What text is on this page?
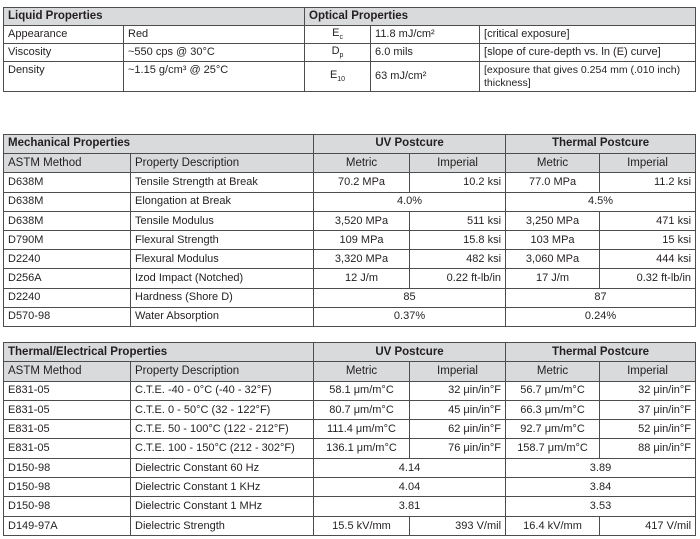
Liquid Properties		Optical Properties		
Appearance	Red	$E_c$	11.8 mJ/cm²	[critical exposure]
Viscosity	~550 cps @ 30°C	$D_p$	6.0 mils	[slope of cure-depth vs. ln (E) curve]
Density	~1.15 g/cm³ @ 25°C	$E_{10}$	63 mJ/cm²	[exposure that gives 0.254 mm (.010 inch) thickness]
Mechanical Properties		UV Postcure		Thermal Postcure	
ASTM Method	Property Description	Metric	Imperial	Metric	Imperial
D638M	Tensile Strength at Break	70.2 MPa	10.2 ksi	77.0 MPa	11.2 ksi
D638M	Elongation at Break	4.0%		4.5%	
D638M	Tensile Modulus	3,520 MPa	511 ksi	3,250 MPa	471 ksi
D790M	Flexural Strength	109 MPa	15.8 ksi	103 MPa	15 ksi
D2240	Flexural Modulus	3,320 MPa	482 ksi	3,060 MPa	444 ksi
D256A	Izod Impact (Notched)	12 J/m	0.22 ft-lb/in	17 J/m	0.32 ft-lb/in
D2240	Hardness (Shore D)	85		87	
D570-98	Water Absorption	0.37%		0.24%	
Thermal/Electrical Properties		UV Postcure		Thermal Postcure	
ASTM Method	Property Description	Metric	Imperial	Metric	Imperial
E831-05	C.T.E. -40 - 0°C (-40 - 32°F)	58.1 μm/m°C	32 μin/in°F	56.7 μm/m°C	32 μin/in°F
E831-05	C.T.E. 0 - 50°C (32 - 122°F)	80.7 μm/m°C	45 μin/in°F	66.3 μm/m°C	37 μin/in°F
E831-05	C.T.E. 50 - 100°C (122 - 212°F)	111.4 μm/m°C	62 μin/in°F	92.7 μm/m°C	52 μin/in°F
E831-05	C.T.E. 100 - 150°C (212 - 302°F)	136.1 μm/m°C	76 μin/in°F	158.7 μm/m°C	88 μin/in°F
D150-98	Dielectric Constant 60 Hz	4.14		3.89	
D150-98	Dielectric Constant 1 KHz	4.04		3.84	
D150-98	Dielectric Constant 1 MHz	3.81		3.53	
D149-97A	Dielectric Strength	15.5 kV/mm	393 V/mil	16.4 kV/mm	417 V/mil
